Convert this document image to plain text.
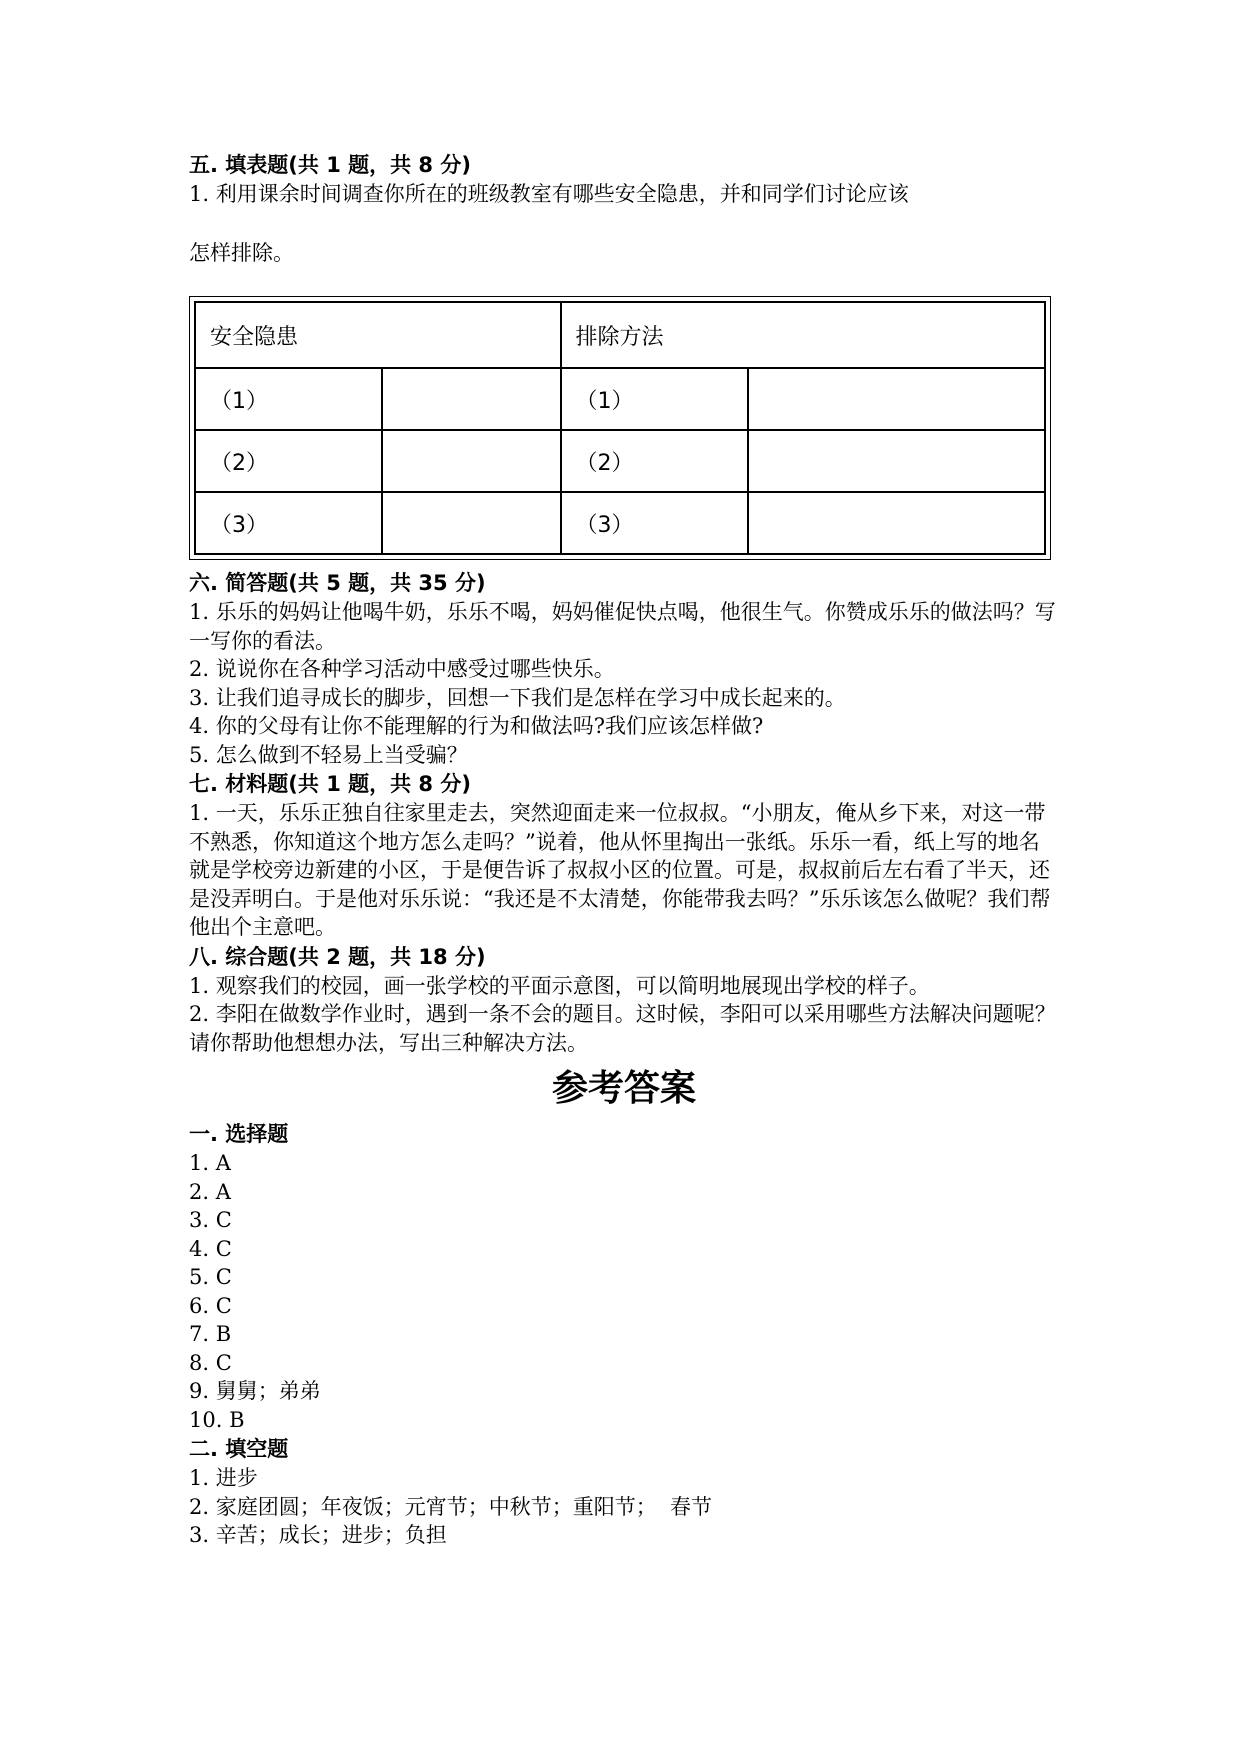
五. 填表题(共 1 题，共 8 分)

1. 利用课余时间调查你所在的班级教室有哪些安全隐患，并和同学们讨论应该

怎样排除。

安全隐患		排除方法	
（1）		（1）	
（2）		（2）	
（3）		（3）	

六. 简答题(共 5 题，共 35 分)

1. 乐乐的妈妈让他喝牛奶，乐乐不喝，妈妈催促快点喝，他很生气。你赞成乐乐的做法吗？写一写你的看法。

2. 说说你在各种学习活动中感受过哪些快乐。

3. 让我们追寻成长的脚步，回想一下我们是怎样在学习中成长起来的。

4. 你的父母有让你不能理解的行为和做法吗?我们应该怎样做?

5. 怎么做到不轻易上当受骗？

七. 材料题(共 1 题，共 8 分)

1. 一天，乐乐正独自往家里走去，突然迎面走来一位叔叔。“小朋友，俺从乡下来，对这一带不熟悉，你知道这个地方怎么走吗？”说着，他从怀里掏出一张纸。乐乐一看，纸上写的地名就是学校旁边新建的小区，于是便告诉了叔叔小区的位置。可是，叔叔前后左右看了半天，还是没弄明白。于是他对乐乐说：“我还是不太清楚，你能带我去吗？”乐乐该怎么做呢？我们帮他出个主意吧。

八. 综合题(共 2 题，共 18 分)

1. 观察我们的校园，画一张学校的平面示意图，可以简明地展现出学校的样子。

2. 李阳在做数学作业时，遇到一条不会的题目。这时候，李阳可以采用哪些方法解决问题呢？请你帮助他想想办法，写出三种解决方法。

参考答案

一. 选择题

1. A

2. A

3. C

4. C

5. C

6. C

7. B

8. C

9. 舅舅；弟弟

10. B

二. 填空题

1. 进步

2. 家庭团圆；年夜饭；元宵节；中秋节；重阳节；  春节

3. 辛苦；成长；进步；负担
